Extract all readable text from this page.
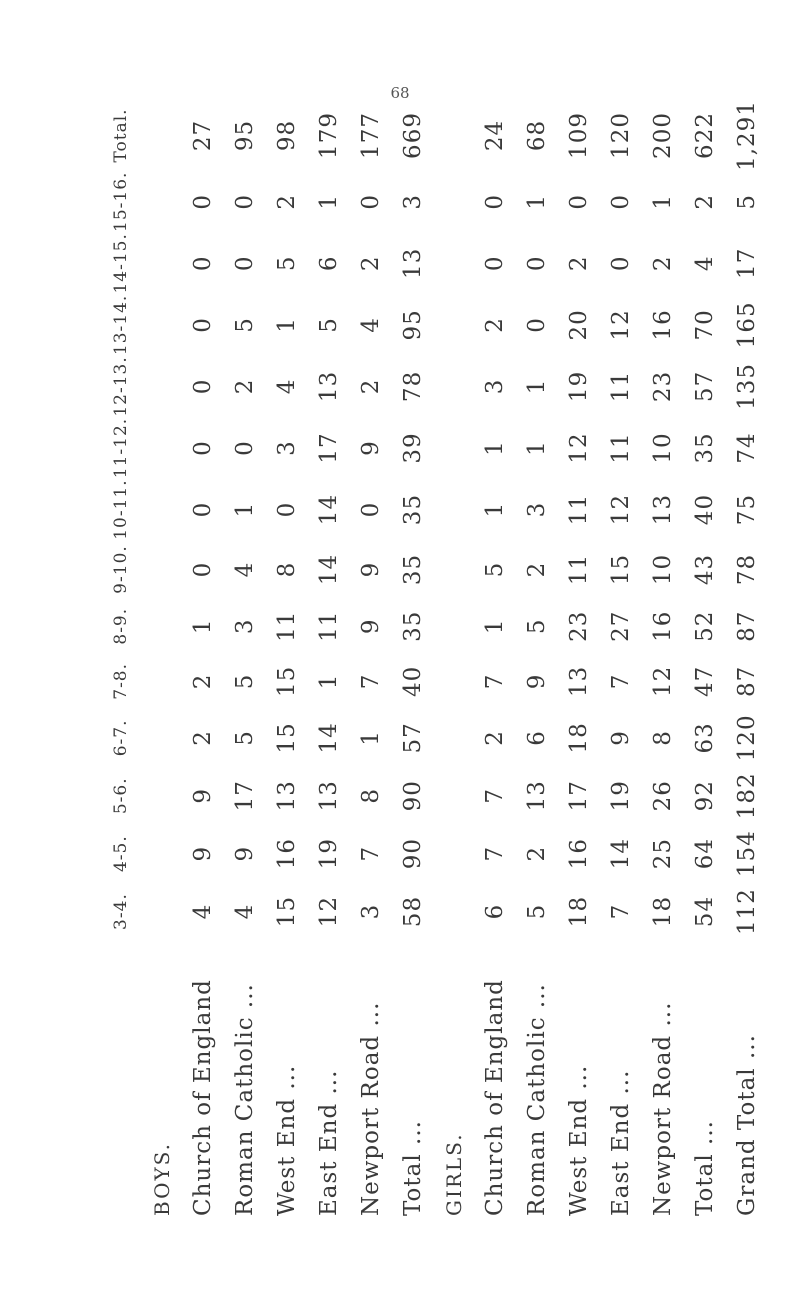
68
	3-4.	4-5.	5-6.	6-7.	7-8.	8-9.	9-10.	10-11.	11-12.	12-13.	13-14.	14-15.	15-16.	Total.
BOYS.														
Church of England	4	9	9	2	2	1	0	0	0	0	0	0	0	27
Roman Catholic ...	4	9	17	5	5	3	4	1	0	2	5	0	0	95
West End ...	15	16	13	15	15	11	8	0	3	4	1	5	2	98
East End ...	12	19	13	14	1	11	14	14	17	13	5	6	1	179
Newport Road ...	3	7	8	1	7	9	9	0	9	2	4	2	0	177
Total ...	58	90	90	57	40	35	35	35	39	78	95	13	3	669
GIRLS.														
Church of England	6	7	7	2	7	1	5	1	1	3	2	0	0	24
Roman Catholic ...	5	2	13	6	9	5	2	3	1	1	0	0	1	68
West End ...	18	16	17	18	13	23	11	11	12	19	20	2	0	109
East End ...	7	14	19	9	7	27	15	12	11	11	12	0	0	120
Newport Road ...	18	25	26	8	12	16	10	13	10	23	16	2	1	200
Total ...	54	64	92	63	47	52	43	40	35	57	70	4	2	622
Grand Total ...	112	154	182	120	87	87	78	75	74	135	165	17	5	1,291
